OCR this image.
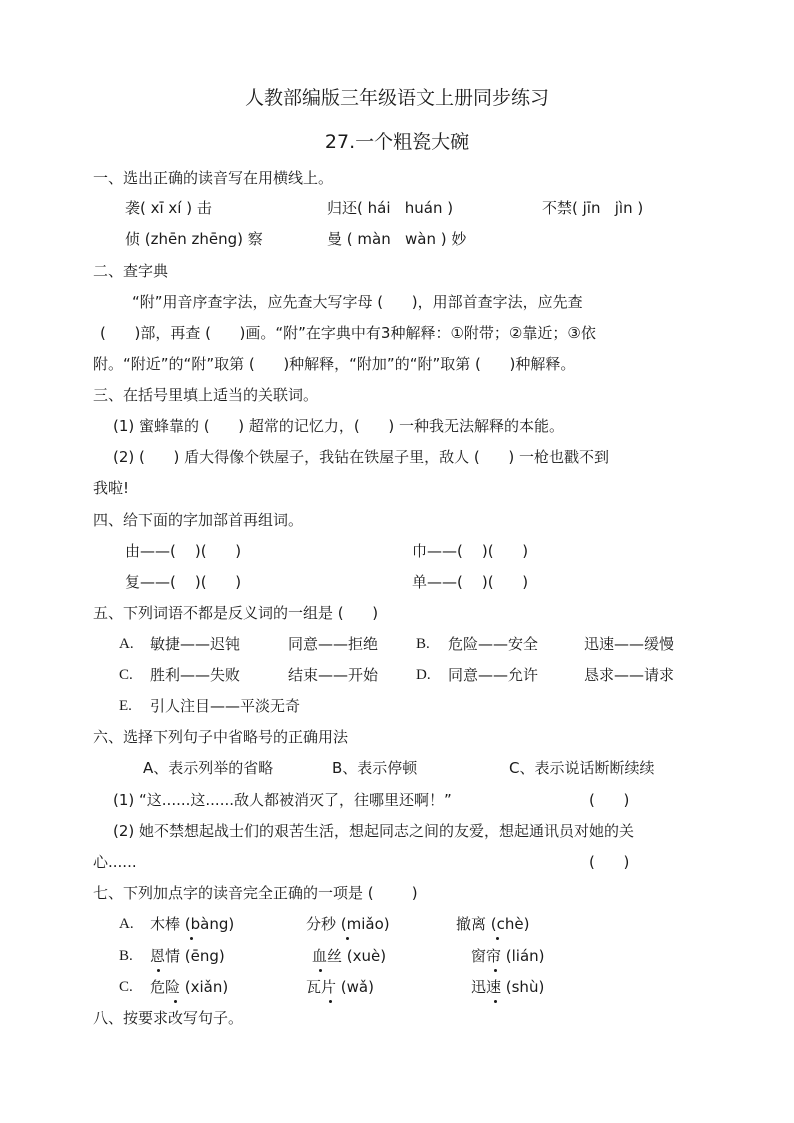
人教部编版三年级语文上册同步练习
27.一个粗瓷大碗
一、选出正确的读音写在用横线上。
袭( xī xí ) 击	归还( hái   huán )	不禁( jīn   jìn )
侦 (zhēn zhēng) 察	曼 ( màn   wàn ) 妙
二、查字典
“附”用音序查字法，应先查大写字母 (      )，用部首查字法，应先查
(      )部，再查 (      )画。“附”在字典中有3种解释：①附带；②靠近；③依
附。“附近”的“附”取第 (      )种解释，“附加”的“附”取第 (      )种解释。
三、在括号里填上适当的关联词。
(1) 蜜蜂靠的 (      ) 超常的记忆力，(      ) 一种我无法解释的本能。
(2) (      ) 盾大得像个铁屋子，我钻在铁屋子里，敌人 (      ) 一枪也戳不到
我啦!
四、给下面的字加部首再组词。
由——(    )(      )	巾——(    )(      )
复——(    )(      )	单——(    )(      )
五、下列词语不都是反义词的一组是 (      )
A. 敏捷——迟钝	同意——拒绝	B. 危险——安全	迅速——缓慢
C. 胜利——失败	结束——开始	D. 同意——允许	恳求——请求
E. 引人注目——平淡无奇
六、选择下列句子中省略号的正确用法
A、表示列举的省略	B、表示停顿	C、表示说话断断续续
(1) “这......这......敌人都被消灭了，往哪里还啊！”	(      )
(2) 她不禁想起战士们的艰苦生活，想起同志之间的友爱，想起通讯员对她的关
心......	(      )
七、下列加点字的读音完全正确的一项是 (        )
A. 木棒 (bàng)	分秒 (miǎo)	撤离 (chè)
B. 恩情 (ēng)	血丝 (xuè)	窗帘 (lián)
C. 危险 (xiǎn)	瓦片 (wǎ)	迅速 (shù)
八、按要求改写句子。
